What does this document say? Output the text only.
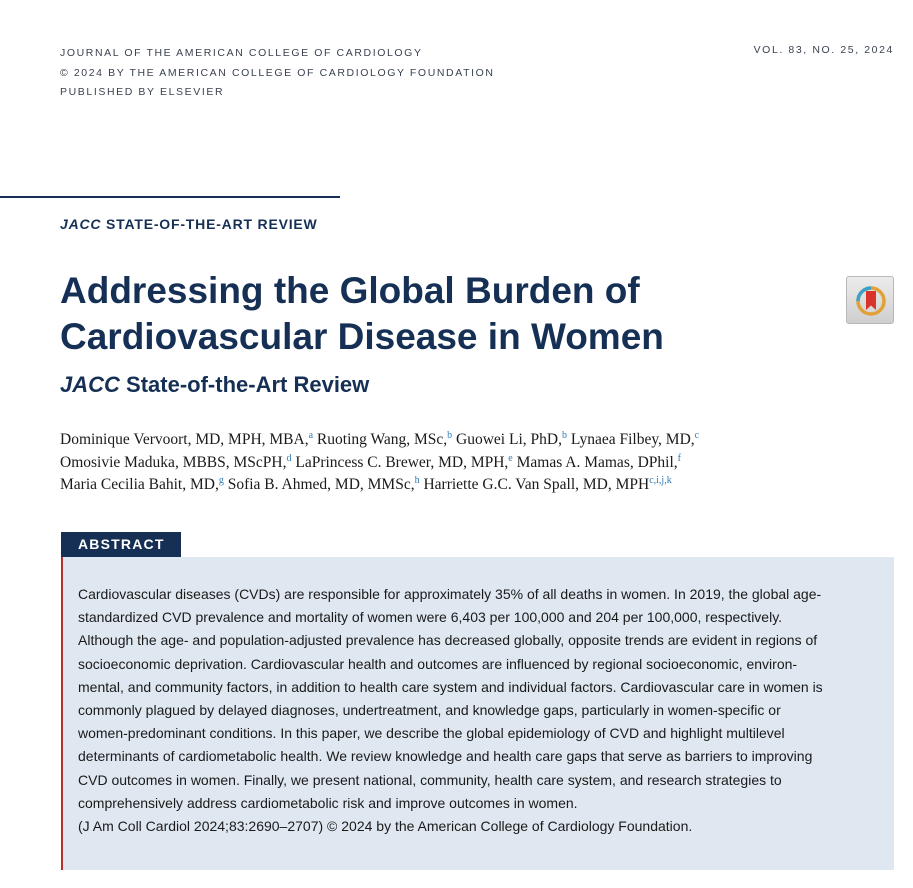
JOURNAL OF THE AMERICAN COLLEGE OF CARDIOLOGY
© 2024 BY THE AMERICAN COLLEGE OF CARDIOLOGY FOUNDATION
PUBLISHED BY ELSEVIER
VOL. 83, NO. 25, 2024
JACC STATE-OF-THE-ART REVIEW
Addressing the Global Burden of
Cardiovascular Disease in Women
JACC State-of-the-Art Review
Dominique Vervoort, MD, MPH, MBA,$^a$ Ruoting Wang, MSc,$^b$ Guowei Li, PhD,$^b$ Lynaea Filbey, MD,$^c$
Omosivie Maduka, MBBS, MScPH,$^d$ LaPrincess C. Brewer, MD, MPH,$^e$ Mamas A. Mamas, DPhil,$^f$
Maria Cecilia Bahit, MD,$^g$ Sofia B. Ahmed, MD, MMSc,$^h$ Harriette G.C. Van Spall, MD, MPH$^{c,i,j,k}$
ABSTRACT
Cardiovascular diseases (CVDs) are responsible for approximately 35% of all deaths in women. In 2019, the global age-
standardized CVD prevalence and mortality of women were 6,403 per 100,000 and 204 per 100,000, respectively.
Although the age- and population-adjusted prevalence has decreased globally, opposite trends are evident in regions of
socioeconomic deprivation. Cardiovascular health and outcomes are influenced by regional socioeconomic, environ-
mental, and community factors, in addition to health care system and individual factors. Cardiovascular care in women is
commonly plagued by delayed diagnoses, undertreatment, and knowledge gaps, particularly in women-specific or
women-predominant conditions. In this paper, we describe the global epidemiology of CVD and highlight multilevel
determinants of cardiometabolic health. We review knowledge and health care gaps that serve as barriers to improving
CVD outcomes in women. Finally, we present national, community, health care system, and research strategies to
comprehensively address cardiometabolic risk and improve outcomes in women.
(J Am Coll Cardiol 2024;83:2690–2707) © 2024 by the American College of Cardiology Foundation.
